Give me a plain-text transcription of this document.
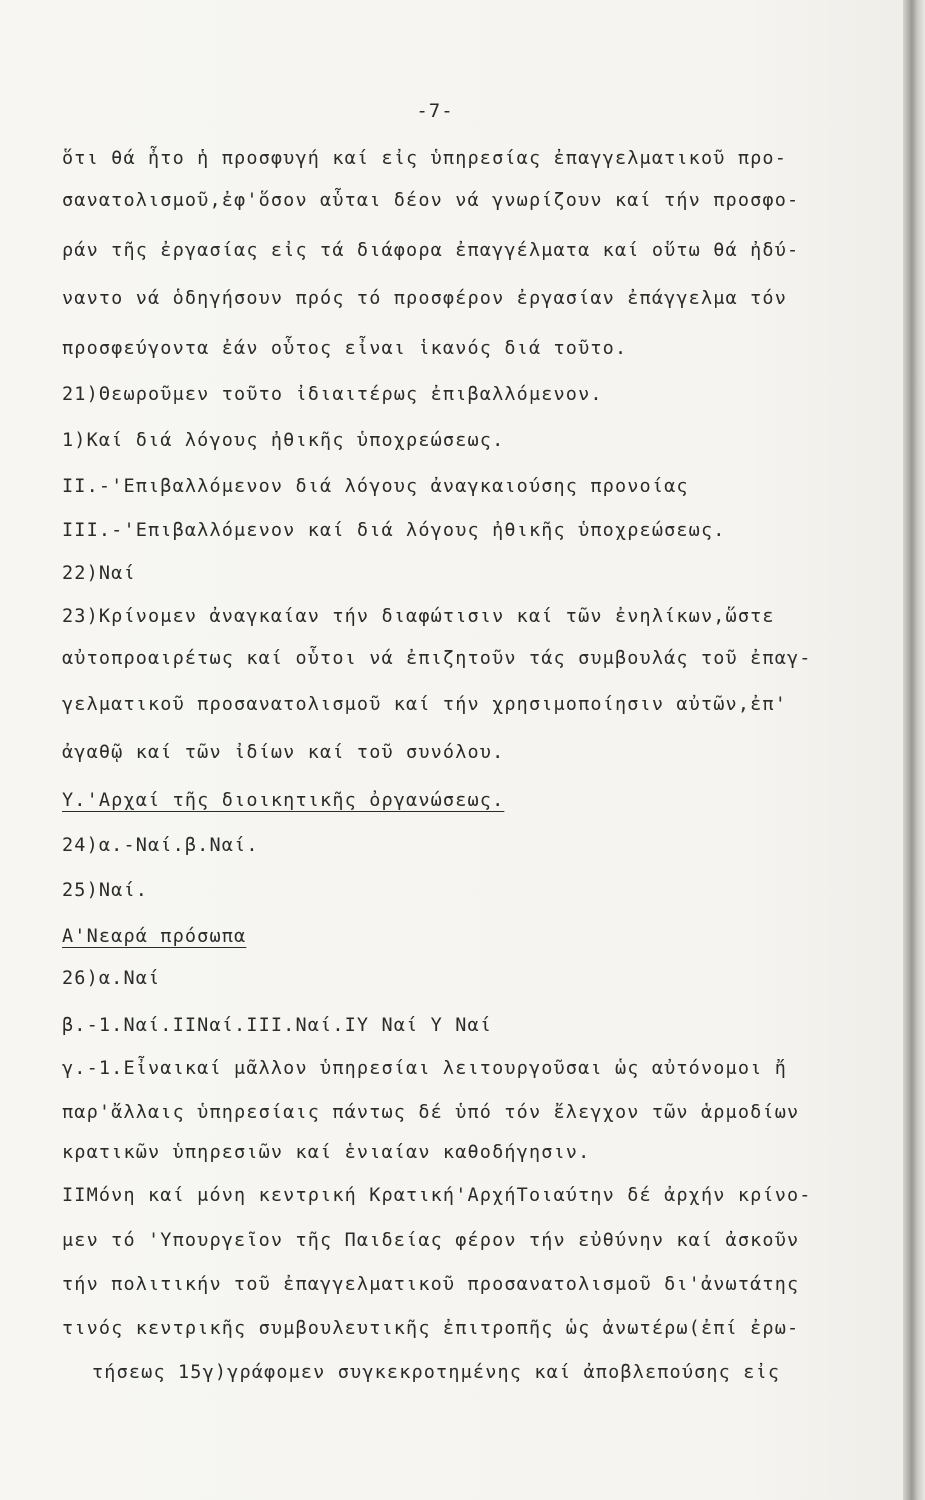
-7-
ὅτι θά ἦτο ἡ προσφυγή καί εἰς ὑπηρεσίας ἐπαγγελματικοῦ προ-
σανατολισμοῦ,ἐφ'ὅσον αὗται δέον νά γνωρίζουν καί τήν προσφο-
ράν τῆς ἐργασίας εἰς τά διάφορα ἐπαγγέλματα καί οὕτω θά ἠδύ-
ναντο νά ὁδηγήσουν πρός τό προσφέρον ἐργασίαν ἐπάγγελμα τόν
προσφεύγοντα ἐάν οὗτος εἶναι ἱκανός διά τοῦτο.
21)Θεωροῦμεν τοῦτο ἰδιαιτέρως ἐπιβαλλόμενον.
1)Καί διά λόγους ἠθικῆς ὑποχρεώσεως.
II.-'Επιβαλλόμενον διά λόγους ἀναγκαιούσης προνοίας
III.-'Επιβαλλόμενον καί διά λόγους ἠθικῆς ὑποχρεώσεως.
22)Ναί
23)Κρίνομεν ἀναγκαίαν τήν διαφώτισιν καί τῶν ἐνηλίκων,ὥστε
αὐτοπροαιρέτως καί οὗτοι νά ἐπιζητοῦν τάς συμβουλάς τοῦ ἐπαγ-
γελματικοῦ προσανατολισμοῦ καί τήν χρησιμοποίησιν αὐτῶν,ἐπ'
ἀγαθῷ καί τῶν ἰδίων καί τοῦ συνόλου.
Υ.'Αρχαί τῆς διοικητικῆς ὀργανώσεως.
24)α.-Ναί.β.Ναί.
25)Ναί.
Α'Νεαρά πρόσωπα
26)α.Ναί
β.-1.Ναί.IIΝαί.III.Ναί.IY Ναί Υ Ναί
γ.-1.Εἶναικαί μᾶλλον ὑπηρεσίαι λειτουργοῦσαι ὡς αὐτόνομοι ἤ
παρ'ἄλλαις ὑπηρεσίαις πάντως δέ ὑπό τόν ἔλεγχον τῶν ἁρμοδίων
κρατικῶν ὑπηρεσιῶν καί ἑνιαίαν καθοδήγησιν.
IIΜόνη καί μόνη κεντρική Κρατική'ΑρχήΤοιαύτην δέ ἀρχήν κρίνο-
μεν τό 'Υπουργεῖον τῆς Παιδείας φέρον τήν εὐθύνην καί ἀσκοῦν
τήν πολιτικήν τοῦ ἐπαγγελματικοῦ προσανατολισμοῦ δι'ἀνωτάτης
τινός κεντρικῆς συμβουλευτικῆς ἐπιτροπῆς ὡς ἀνωτέρω(ἐπί ἐρω-
τήσεως 15γ)γράφομεν συγκεκροτημένης καί ἀποβλεπούσης εἰς
